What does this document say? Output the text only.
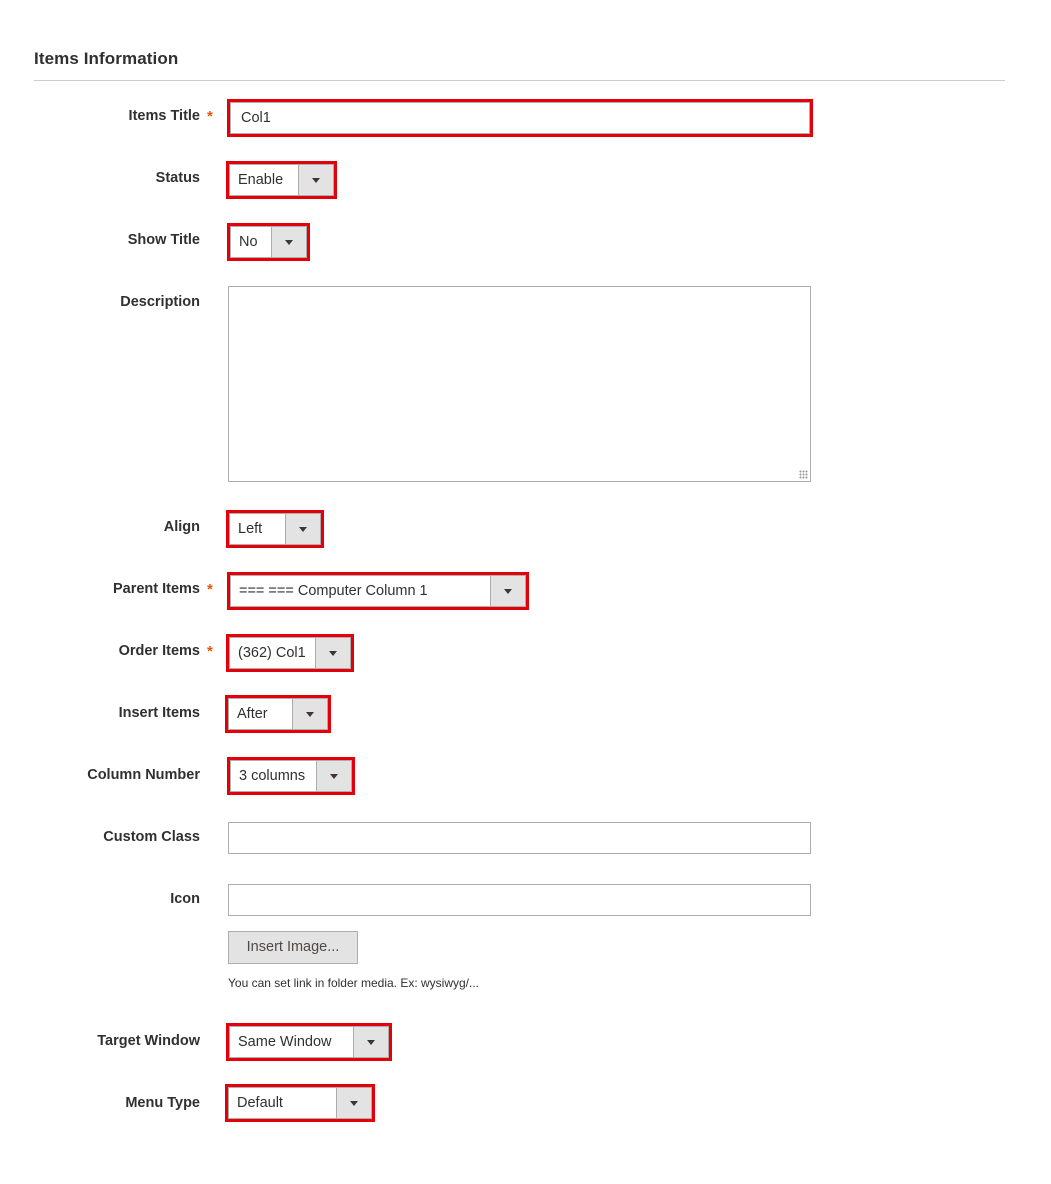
Items Information
Items Title *	Col1
Status	Enable
Show Title	No
Description
Align	Left
Parent Items * === === Computer Column 1
Order Items * (362) Col1
Insert Items	After
Column Number	3 columns
Custom Class
Icon
Insert Image...
You can set link in folder media. Ex: wysiwyg/...
Target Window	Same Window
Menu Type	Default
